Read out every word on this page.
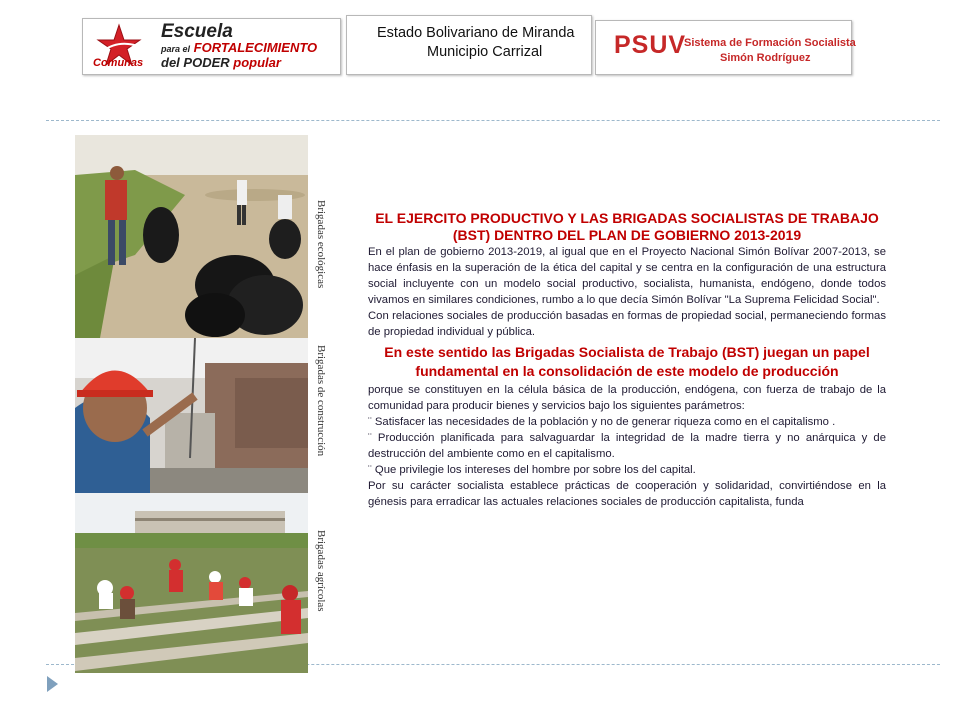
Comunas
Escuela
para el FORTALECIMIENTO
del PODER popular
Estado Bolivariano de Miranda
Municipio Carrizal	PSUV
Sistema de Formación Socialista
Simón Rodríguez
Brigadas ecológicas
Brigadas de construcción
Brigadas agrícolas
EL EJERCITO PRODUCTIVO Y LAS BRIGADAS SOCIALISTAS DE TRABAJO (BST) DENTRO DEL PLAN DE GOBIERNO 2013-2019

En el plan de gobierno 2013-2019, al igual que en el Proyecto Nacional Simón Bolívar 2007-2013, se hace énfasis en la superación de la ética del capital y se centra en la configuración de una estructura social incluyente con un modelo social productivo, socialista, humanista, endógeno, donde todos vivamos en similares condiciones, rumbo a lo que decía Simón Bolívar "La Suprema Felicidad Social".

Con relaciones sociales de producción basadas en formas de propiedad social, permaneciendo formas de propiedad individual y pública.

En este sentido las Brigadas Socialista de Trabajo (BST) juegan un papel fundamental en la consolidación de este modelo de producción

porque se constituyen en la célula básica de la producción, endógena, con fuerza de trabajo de la comunidad para producir bienes y servicios bajo los siguientes parámetros:

¨ Satisfacer las necesidades de la población y no de generar riqueza como en el capitalismo .

¨ Producción planificada para salvaguardar la integridad de la madre tierra y no anárquica y de destrucción del ambiente como en el capitalismo.

¨ Que privilegie los intereses del hombre por sobre los del capital.

Por su carácter socialista establece prácticas de cooperación y solidaridad, convirtiéndose en la génesis para erradicar las actuales relaciones sociales de producción capitalista, funda
